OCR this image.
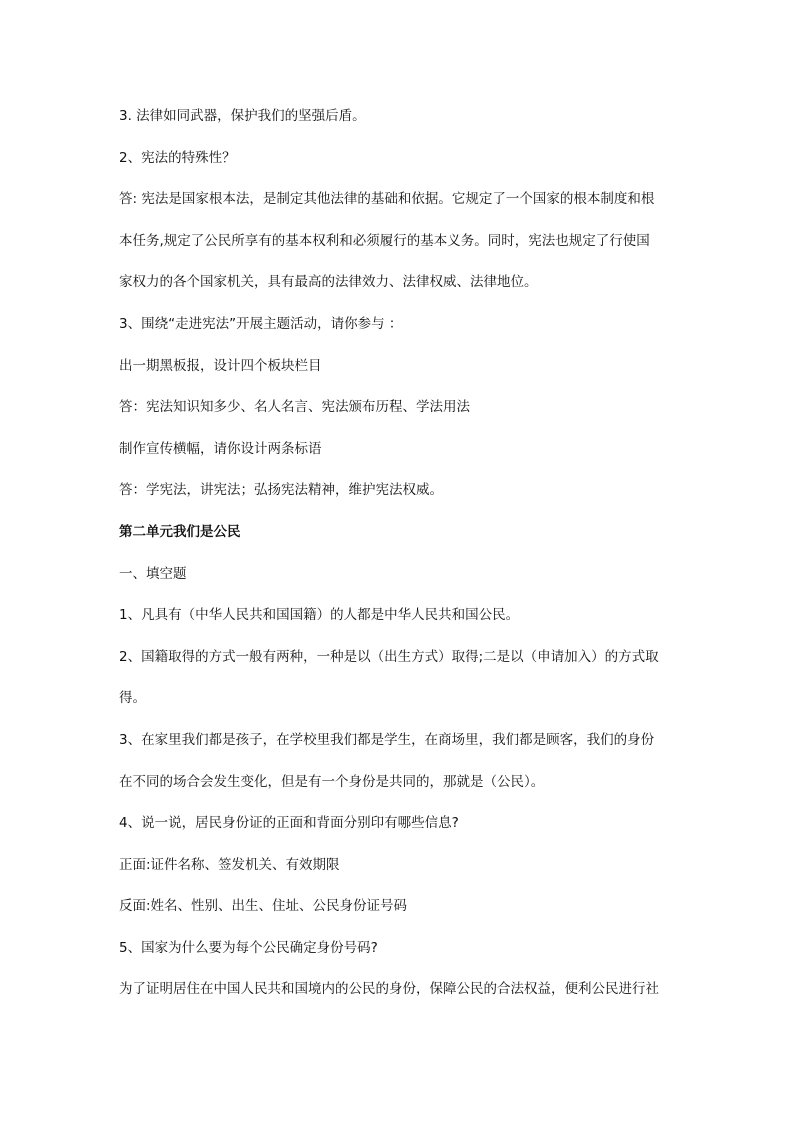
3. 法律如同武器，保护我们的坚强后盾。
2、宪法的特殊性？
答: 宪法是国家根本法，是制定其他法律的基础和依据。它规定了一个国家的根本制度和根
本任务,规定了公民所享有的基本权利和必须履行的基本义务。同时，宪法也规定了行使国
家权力的各个国家机关，具有最高的法律效力、法律权威、法律地位。
3、围绕“走进宪法”开展主题活动，请你参与 ：
出一期黑板报，设计四个板块栏目
答：宪法知识知多少、名人名言、宪法颁布历程、学法用法
制作宣传横幅，请你设计两条标语
答：学宪法，讲宪法；弘扬宪法精神，维护宪法权威。
第二单元我们是公民
一、填空题
1、凡具有（中华人民共和国国籍）的人都是中华人民共和国公民。
2、国籍取得的方式一般有两种，一种是以（出生方式）取得;二是以（申请加入）的方式取
得。
3、在家里我们都是孩子，在学校里我们都是学生，在商场里，我们都是顾客，我们的身份
在不同的场合会发生变化，但是有一个身份是共同的，那就是（公民）。
4、说一说，居民身份证的正面和背面分别印有哪些信息?
正面:证件名称、签发机关、有效期限
反面:姓名、性别、出生、住址、公民身份证号码
5、国家为什么要为每个公民确定身份号码?
为了证明居住在中国人民共和国境内的公民的身份，保障公民的合法权益，便利公民进行社
